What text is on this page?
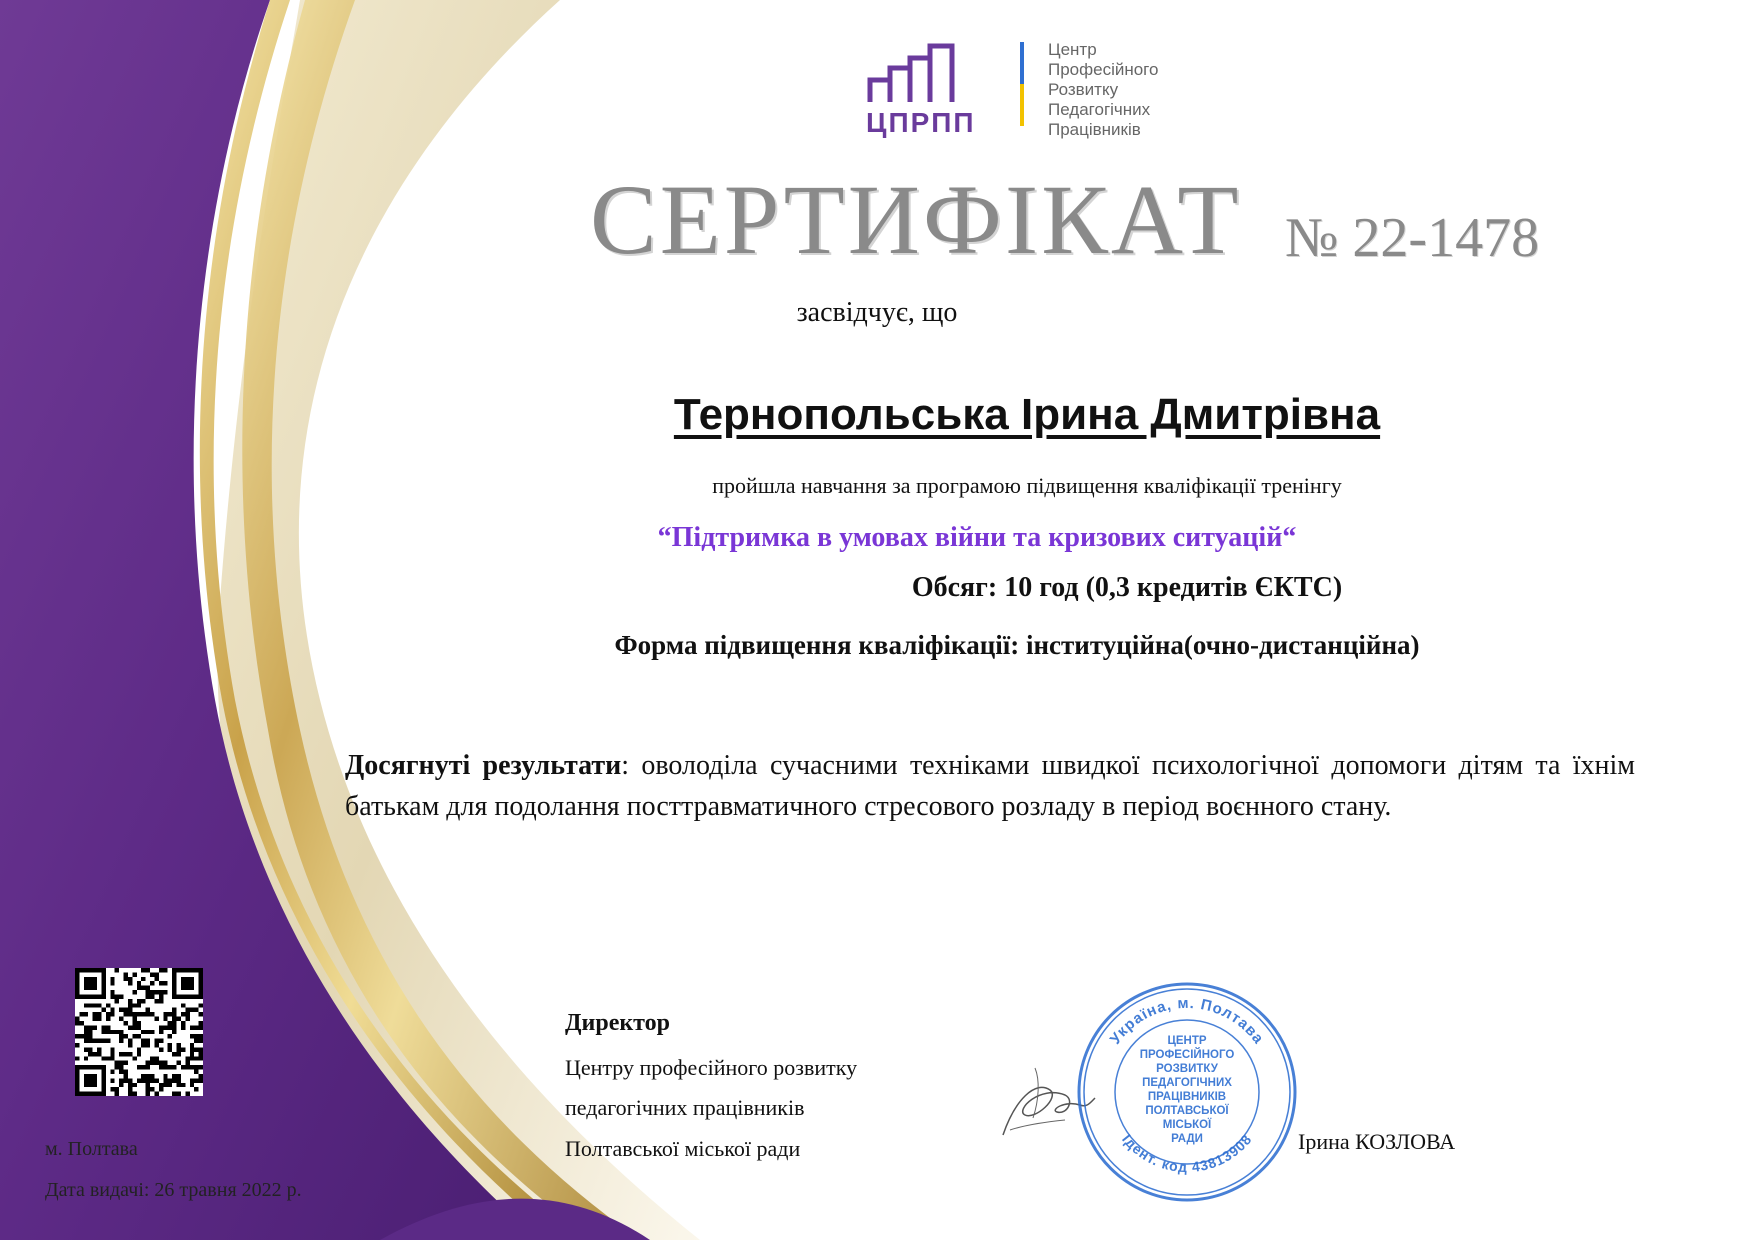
ЦПРПП
Центр
Професійного
Розвитку
Педагогічних
Працівників
СЕРТИФІКАТ № 22-1478
засвідчує, що
Тернопольська Ірина Дмитрівна
пройшла навчання за програмою підвищення кваліфікації тренінгу
“Підтримка в умовах війни та кризових ситуацій“
Обсяг: 10 год (0,3 кредитів ЄКТС)
Форма підвищення кваліфікації: інституційна(очно-дистанційна)
Досягнуті результати: оволоділа сучасними техніками швидкої психологічної допомоги дітям та їхнім батькам для подолання посттравматичного стресового розладу в період воєнного стану.
м. Полтава
Дата видачі: 26 травня 2022 р.
Директор
Центру професійного розвитку
педагогічних працівників
Полтавської міської ради
Україна, м. Полтава
Ідент. код 43813908
ЦЕНТР
ПРОФЕСІЙНОГО
РОЗВИТКУ
ПЕДАГОГІЧНИХ
ПРАЦІВНИКІВ
ПОЛТАВСЬКОЇ
МІСЬКОЇ
РАДИ	Ірина КОЗЛОВА
